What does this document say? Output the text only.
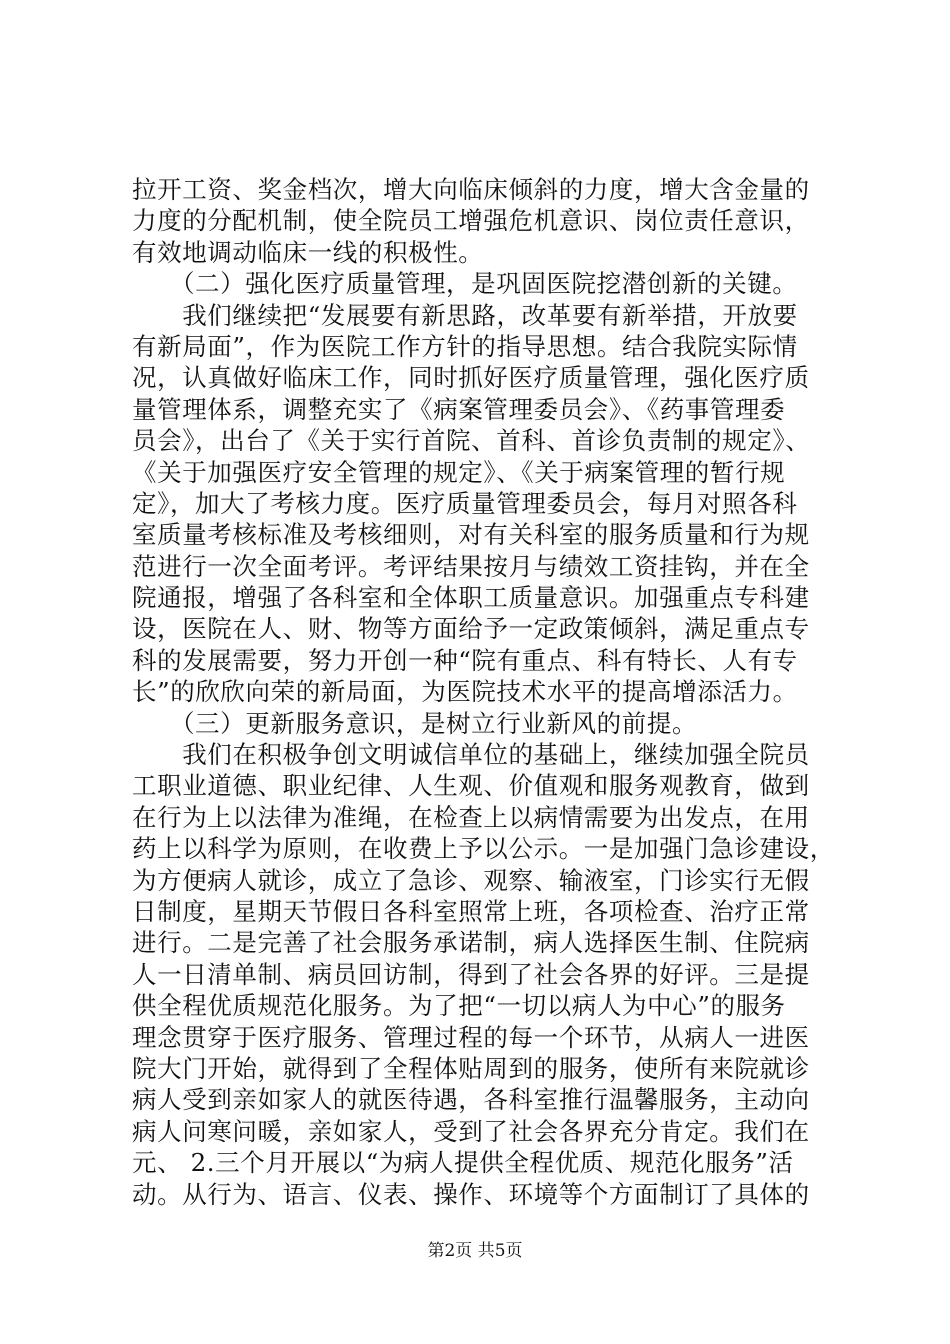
拉开工资、奖金档次，增大向临床倾斜的力度，增大含金量的
力度的分配机制，使全院员工增强危机意识、岗位责任意识，
有效地调动临床一线的积极性。
　　（二）强化医疗质量管理，是巩固医院挖潜创新的关键。
　　我们继续把“发展要有新思路，改革要有新举措，开放要
有新局面”，作为医院工作方针的指导思想。结合我院实际情
况，认真做好临床工作，同时抓好医疗质量管理，强化医疗质
量管理体系，调整充实了《病案管理委员会》、《药事管理委
员会》，出台了《关于实行首院、首科、首诊负责制的规定》、
《关于加强医疗安全管理的规定》、《关于病案管理的暂行规
定》，加大了考核力度。医疗质量管理委员会，每月对照各科
室质量考核标准及考核细则，对有关科室的服务质量和行为规
范进行一次全面考评。考评结果按月与绩效工资挂钩，并在全
院通报，增强了各科室和全体职工质量意识。加强重点专科建
设，医院在人、财、物等方面给予一定政策倾斜，满足重点专
科的发展需要，努力开创一种“院有重点、科有特长、人有专
长”的欣欣向荣的新局面，为医院技术水平的提高增添活力。
　　（三）更新服务意识，是树立行业新风的前提。
　　我们在积极争创文明诚信单位的基础上，继续加强全院员
工职业道德、职业纪律、人生观、价值观和服务观教育，做到
在行为上以法律为准绳，在检查上以病情需要为出发点，在用
药上以科学为原则，在收费上予以公示。一是加强门急诊建设，
为方便病人就诊，成立了急诊、观察、输液室，门诊实行无假
日制度，星期天节假日各科室照常上班，各项检查、治疗正常
进行。二是完善了社会服务承诺制，病人选择医生制、住院病
人一日清单制、病员回访制，得到了社会各界的好评。三是提
供全程优质规范化服务。为了把“一切以病人为中心”的服务
理念贯穿于医疗服务、管理过程的每一个环节，从病人一进医
院大门开始，就得到了全程体贴周到的服务，使所有来院就诊
病人受到亲如家人的就医待遇，各科室推行温馨服务，主动向
病人问寒问暖，亲如家人，受到了社会各界充分肯定。我们在
元、 2.三个月开展以“为病人提供全程优质、规范化服务”活
动。从行为、语言、仪表、操作、环境等个方面制订了具体的
第2页 共5页
